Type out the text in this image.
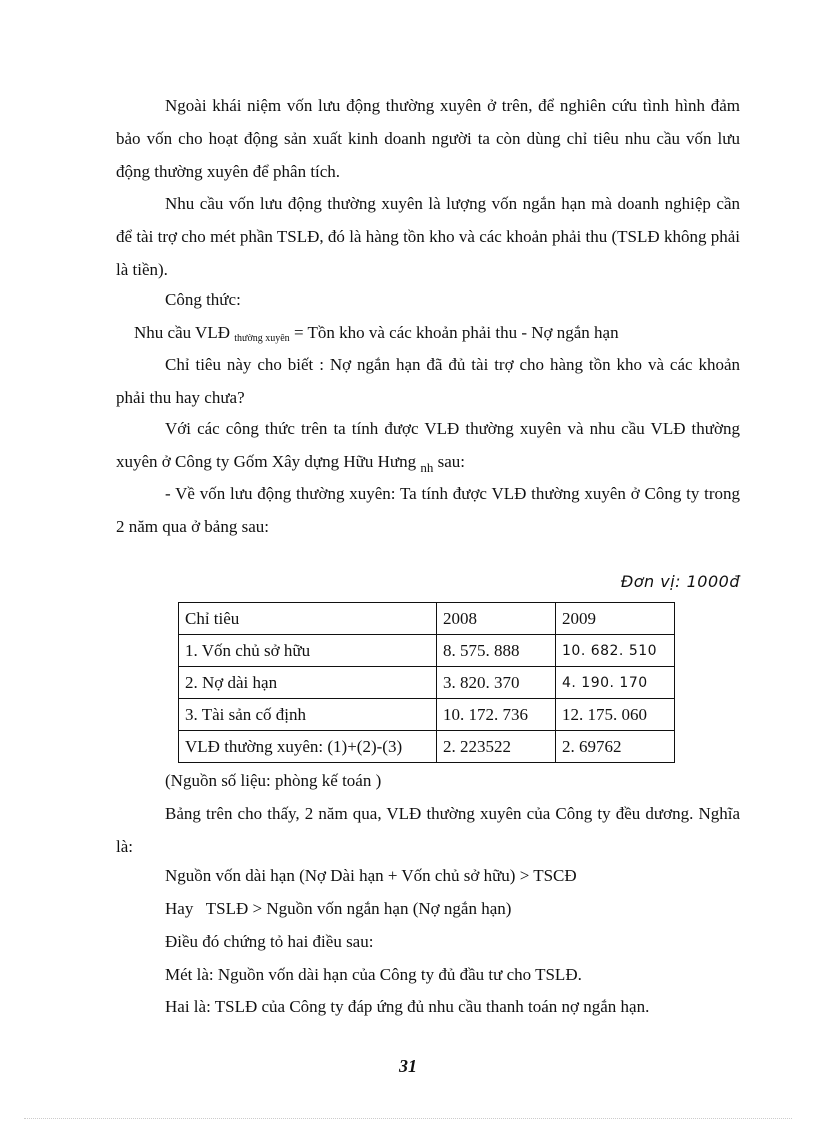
Ngoài khái niệm vốn lưu động thường xuyên ở trên, để nghiên cứu tình hình đảm bảo vốn cho hoạt động sản xuất kinh doanh người ta còn dùng chỉ tiêu nhu cầu vốn lưu động thường xuyên để phân tích.

Nhu cầu vốn lưu động thường xuyên là lượng vốn ngắn hạn mà doanh nghiệp cần để tài trợ cho mét phần TSLĐ, đó là hàng tồn kho và các khoản phải thu (TSLĐ không phải là tiền).

Công thức:

Nhu cầu VLĐ $_{thường xuyên}$ = Tồn kho và các khoản phải thu - Nợ ngắn hạn

Chỉ tiêu này cho biết : Nợ ngắn hạn đã đủ tài trợ cho hàng tồn kho và các khoản phải thu hay chưa?

Với các công thức trên ta tính được VLĐ thường xuyên và nhu cầu VLĐ thường xuyên ở Công ty Gốm Xây dựng Hữu Hưng $_{nh}$ sau:

- Về vốn lưu động thường xuyên: Ta tính được VLĐ thường xuyên ở Công ty trong 2 năm qua ở bảng sau:

Đơn vị: 1000đ
Chỉ tiêu	2008	2009
1. Vốn chủ sở hữu	8. 575. 888	10. 682. 510
2. Nợ dài hạn	3. 820. 370	4. 190. 170
3. Tài sản cố định	10. 172. 736	12. 175. 060
VLĐ thường xuyên: (1)+(2)-(3)	2. 223522	2. 69762

(Nguồn số liệu: phòng kế toán )

Bảng trên cho thấy, 2 năm qua, VLĐ thường xuyên của Công ty đều dương. Nghĩa là:

Nguồn vốn dài hạn (Nợ Dài hạn + Vốn chủ sở hữu) > TSCĐ

Hay   TSLĐ > Nguồn vốn ngắn hạn (Nợ ngắn hạn)

Điều đó chứng tỏ hai điều sau:

Mét là: Nguồn vốn dài hạn của Công ty đủ đầu tư cho TSLĐ.

Hai là: TSLĐ của Công ty đáp ứng đủ nhu cầu thanh toán nợ ngắn hạn.

31
